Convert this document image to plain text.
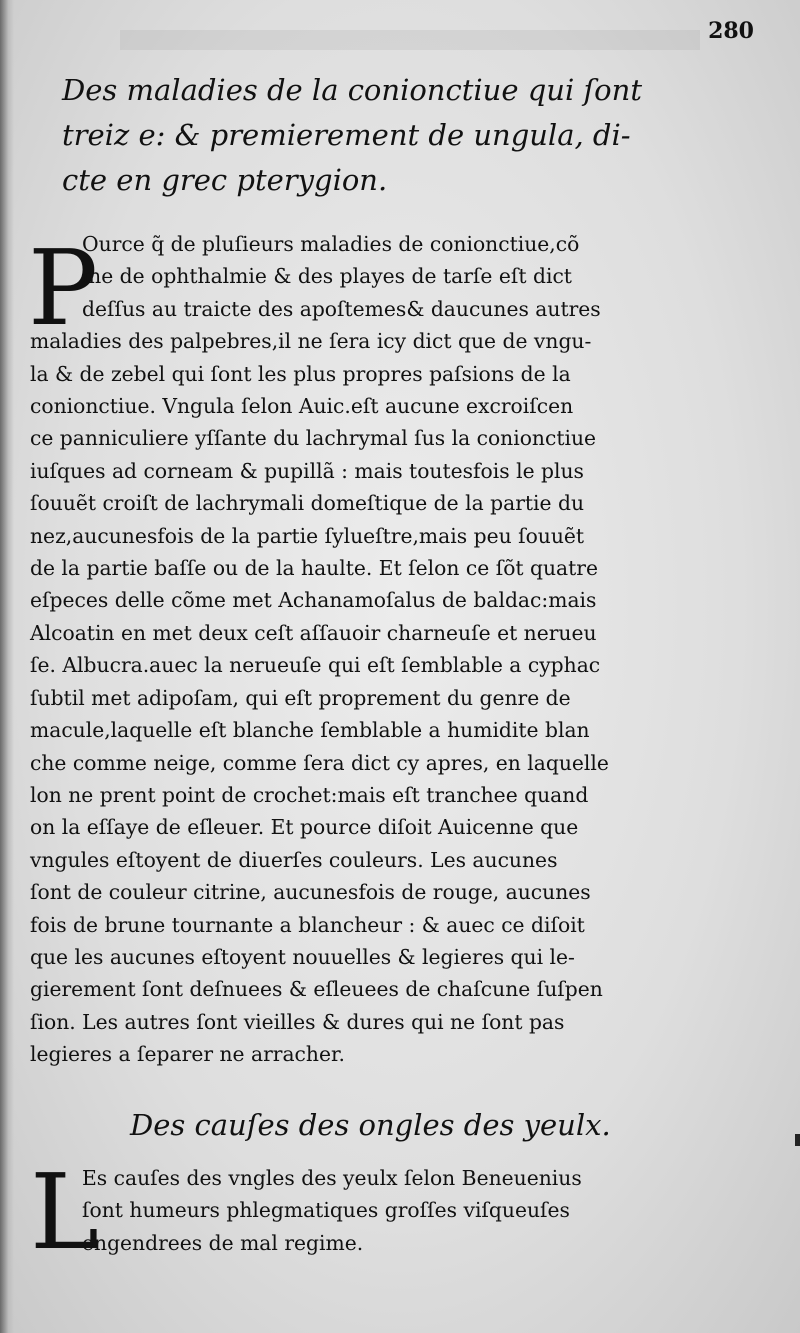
280
Des maladies de la conionctiue qui ſont
treiz e: & premierement de ungula, di-
cte en grec pterygion.
P
Ource q̃ de pluſieurs maladies de conionctiue,cõ
me de ophthalmie & des playes de tarſe eſt dict
deſſus au traicte des apoſtemes& daucunes autres
maladies des palpebres,il ne ſera icy dict que de vngu-
la & de zebel qui ſont les plus propres paſsions de la
conionctiue. Vngula ſelon Auic.eſt aucune excroiſcen
ce panniculiere yſſante du lachrymal ſus la conionctiue
iuſques ad corneam & pupillã : mais toutesfois le plus
ſouuẽt croiſt de lachrymali domeſtique de la partie du
nez,aucunesfois de la partie ſylueſtre,mais peu ſouuẽt
de la partie baſſe ou de la haulte. Et ſelon ce ſõt quatre
eſpeces delle cõme met Achanamoſalus de baldac:mais
Alcoatin en met deux ceſt aſſauoir charneuſe et nerueu
ſe. Albucra.auec la nerueuſe qui eſt ſemblable a cyphac
ſubtil met adipoſam, qui eſt proprement du genre de
macule,laquelle eſt blanche ſemblable a humidite blan
che comme neige, comme ſera dict cy apres, en laquelle
lon ne prent point de crochet:mais eſt tranchee quand
on la eſſaye de eſleuer. Et pource diſoit Auicenne que
vngules eſtoyent de diuerſes couleurs. Les aucunes
ſont de couleur citrine, aucunesfois de rouge, aucunes
fois de brune tournante a blancheur : & auec ce diſoit
que les aucunes eſtoyent nouuelles & legieres qui le-
gierement ſont deſnuees & eſleuees de chaſcune ſuſpen
ſion. Les autres ſont vieilles & dures qui ne ſont pas
legieres a ſeparer ne arracher.
Des cauſes des ongles des yeulx.
L
Es cauſes des vngles des yeulx ſelon Beneuenius
ſont humeurs phlegmatiques groſſes viſqueuſes
engendrees de mal regime.
